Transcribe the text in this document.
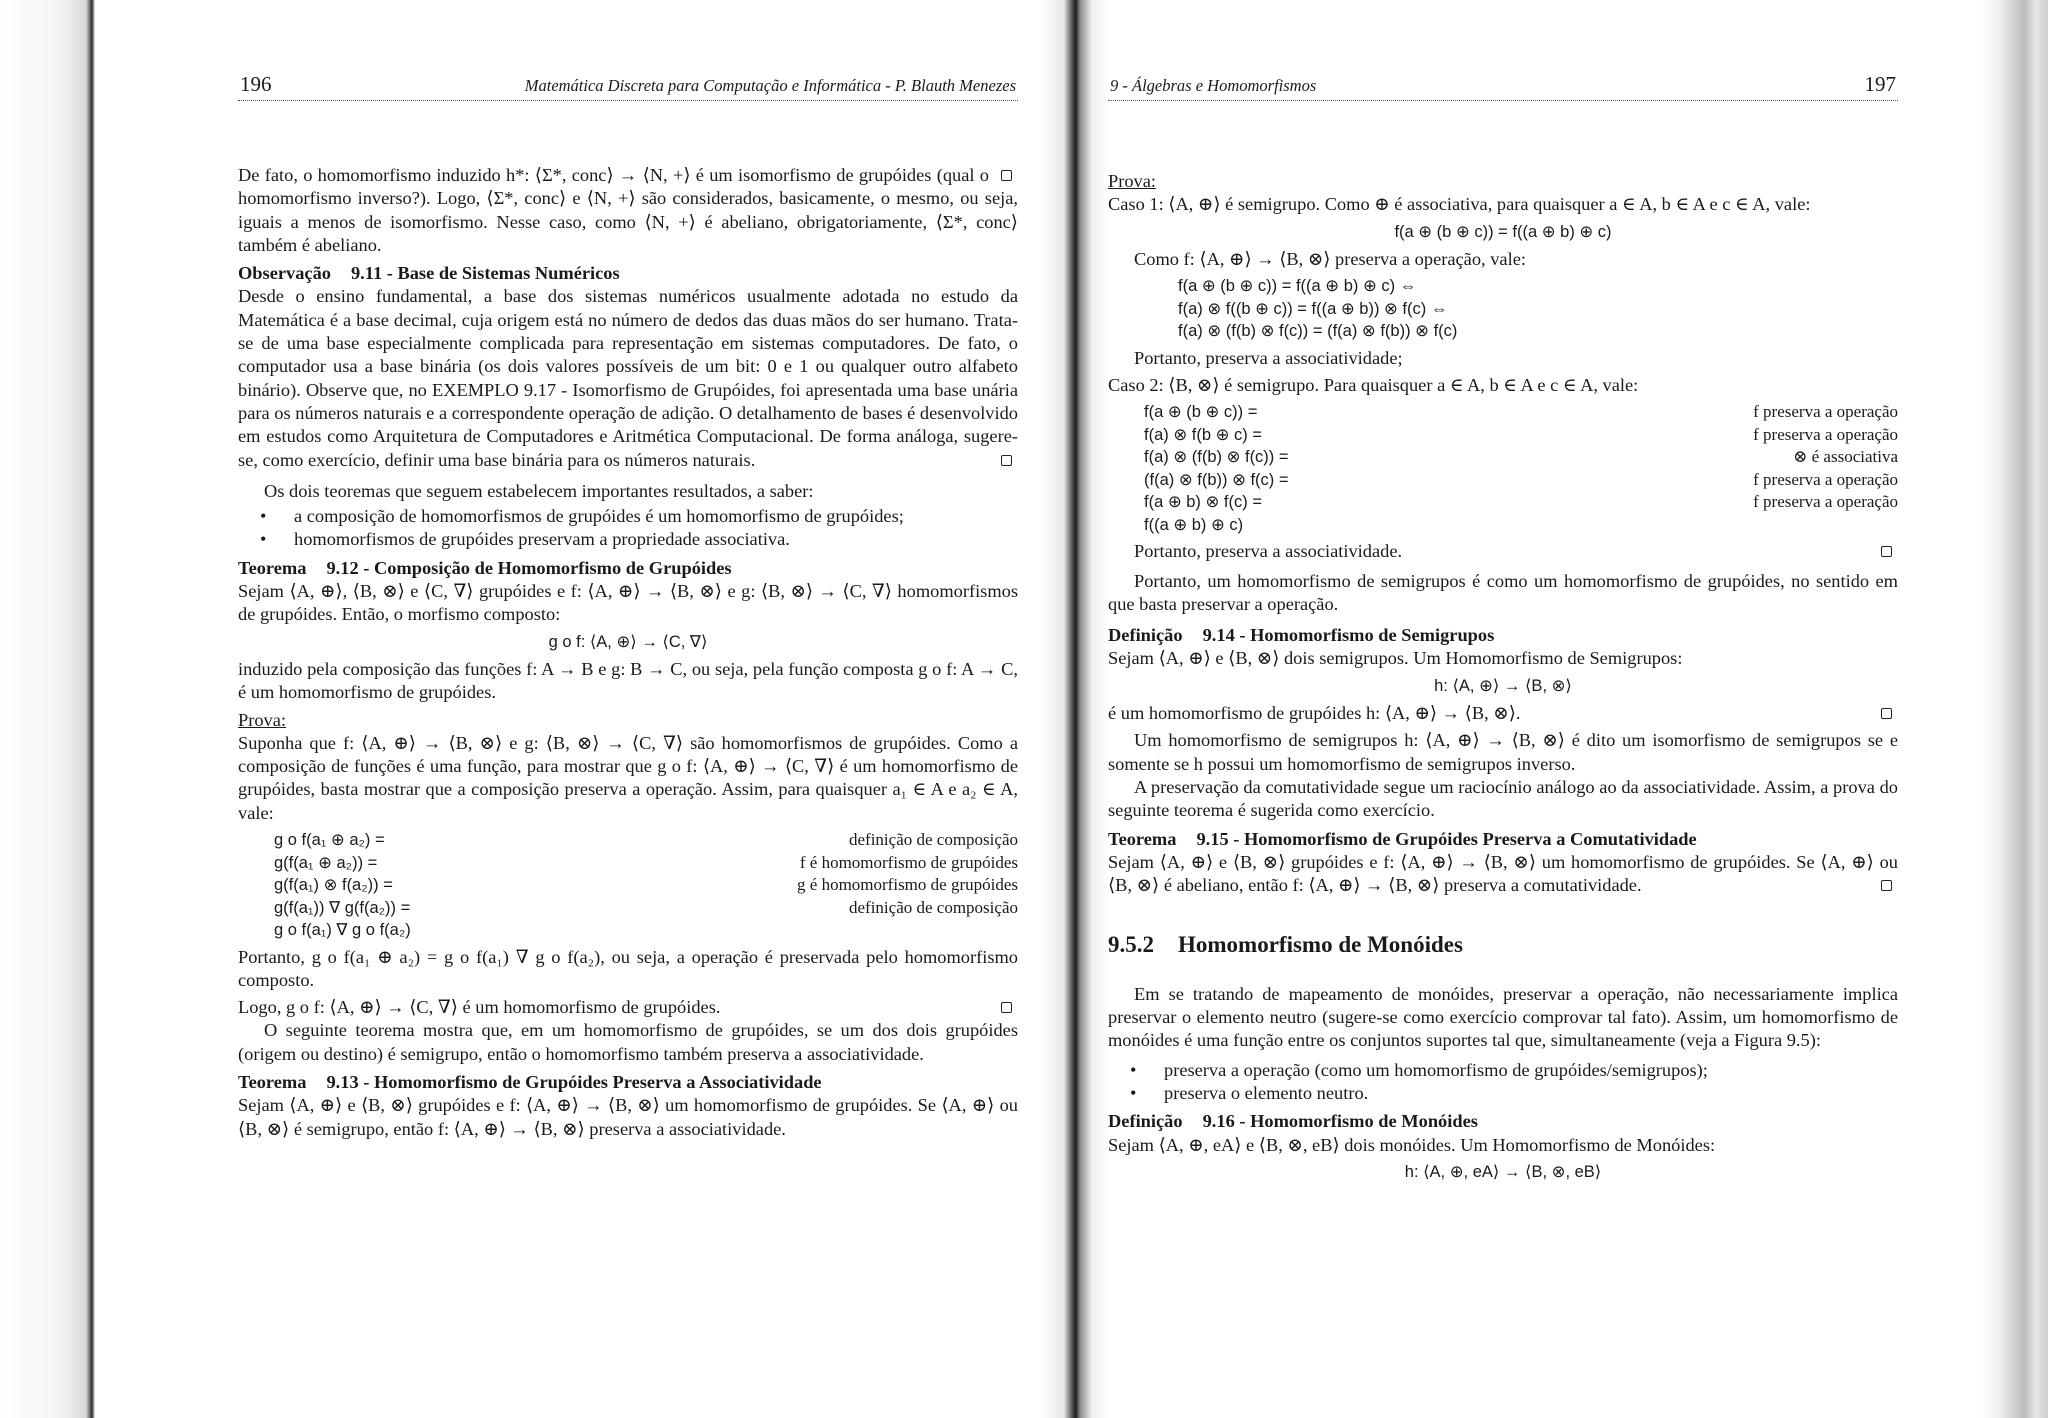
196	Matemática Discreta para Computação e Informática - P. Blauth Menezes

De fato, o homomorfismo induzido h*: ⟨Σ*, conc⟩ → ⟨N, +⟩ é um isomorfismo de grupóides (qual o homomorfismo inverso?). Logo, ⟨Σ*, conc⟩ e ⟨N, +⟩ são considerados, basicamente, o mesmo, ou seja, iguais a menos de isomorfismo. Nesse caso, como ⟨N, +⟩ é abeliano, obrigatoriamente, ⟨Σ*, conc⟩ também é abeliano.

Observação 9.11 - Base de Sistemas Numéricos

Desde o ensino fundamental, a base dos sistemas numéricos usualmente adotada no estudo da Matemática é a base decimal, cuja origem está no número de dedos das duas mãos do ser humano. Trata-se de uma base especialmente complicada para representação em sistemas computadores. De fato, o computador usa a base binária (os dois valores possíveis de um bit: 0 e 1 ou qualquer outro alfabeto binário). Observe que, no EXEMPLO 9.17 - Isomorfismo de Grupóides, foi apresentada uma base unária para os números naturais e a correspondente operação de adição. O detalhamento de bases é desenvolvido em estudos como Arquitetura de Computadores e Aritmética Computacional. De forma análoga, sugere-se, como exercício, definir uma base binária para os números naturais.

Os dois teoremas que seguem estabelecem importantes resultados, a saber:

• a composição de homomorfismos de grupóides é um homomorfismo de grupóides;
• homomorfismos de grupóides preservam a propriedade associativa.
Teorema 9.12 - Composição de Homomorfismo de Grupóides

Sejam ⟨A, ⊕⟩, ⟨B, ⊗⟩ e ⟨C, ∇⟩ grupóides e f: ⟨A, ⊕⟩ → ⟨B, ⊗⟩ e g: ⟨B, ⊗⟩ → ⟨C, ∇⟩ homomorfismos de grupóides. Então, o morfismo composto:

g o f: ⟨A, ⊕⟩ → ⟨C, ∇⟩

induzido pela composição das funções f: A → B e g: B → C, ou seja, pela função composta g o f: A → C, é um homomorfismo de grupóides.

Prova:

Suponha que f: ⟨A, ⊕⟩ → ⟨B, ⊗⟩ e g: ⟨B, ⊗⟩ → ⟨C, ∇⟩ são homomorfismos de grupóides. Como a composição de funções é uma função, para mostrar que g o f: ⟨A, ⊕⟩ → ⟨C, ∇⟩ é um homomorfismo de grupóides, basta mostrar que a composição preserva a operação. Assim, para quaisquer a₁ ∈ A e a₂ ∈ A, vale:

g o f(a₁ ⊕ a₂) =	definição de composição
g(f(a₁ ⊕ a₂)) =	f é homomorfismo de grupóides
g(f(a₁) ⊗ f(a₂)) =	g é homomorfismo de grupóides
g(f(a₁)) ∇ g(f(a₂)) =	definição de composição
g o f(a₁) ∇ g o f(a₂)

Portanto, g o f(a₁ ⊕ a₂) = g o f(a₁) ∇ g o f(a₂), ou seja, a operação é preservada pelo homomorfismo composto.

Logo, g o f: ⟨A, ⊕⟩ → ⟨C, ∇⟩ é um homomorfismo de grupóides.

O seguinte teorema mostra que, em um homomorfismo de grupóides, se um dos dois grupóides (origem ou destino) é semigrupo, então o homomorfismo também preserva a associatividade.

Teorema 9.13 - Homomorfismo de Grupóides Preserva a Associatividade

Sejam ⟨A, ⊕⟩ e ⟨B, ⊗⟩ grupóides e f: ⟨A, ⊕⟩ → ⟨B, ⊗⟩ um homomorfismo de grupóides. Se ⟨A, ⊕⟩ ou ⟨B, ⊗⟩ é semigrupo, então f: ⟨A, ⊕⟩ → ⟨B, ⊗⟩ preserva a associatividade.

9 - Álgebras e Homomorfismos	197
Prova:

Caso 1: ⟨A, ⊕⟩ é semigrupo. Como ⊕ é associativa, para quaisquer a ∈ A, b ∈ A e c ∈ A, vale:

f(a ⊕ (b ⊕ c)) = f((a ⊕ b) ⊕ c)

Como f: ⟨A, ⊕⟩ → ⟨B, ⊗⟩ preserva a operação, vale:

f(a ⊕ (b ⊕ c)) = f((a ⊕ b) ⊕ c) ⇔
f(a) ⊗ f((b ⊕ c)) = f((a ⊕ b)) ⊗ f(c) ⇔
f(a) ⊗ (f(b) ⊗ f(c)) = (f(a) ⊗ f(b)) ⊗ f(c)

Portanto, preserva a associatividade;

Caso 2: ⟨B, ⊗⟩ é semigrupo. Para quaisquer a ∈ A, b ∈ A e c ∈ A, vale:

f(a ⊕ (b ⊕ c)) =	f preserva a operação
f(a) ⊗ f(b ⊕ c) =	f preserva a operação
f(a) ⊗ (f(b) ⊗ f(c)) =	⊗ é associativa
(f(a) ⊗ f(b)) ⊗ f(c) =	f preserva a operação
f(a ⊕ b) ⊗ f(c) =	f preserva a operação
f((a ⊕ b) ⊕ c)

Portanto, preserva a associatividade.

Portanto, um homomorfismo de semigrupos é como um homomorfismo de grupóides, no sentido em que basta preservar a operação.

Definição 9.14 - Homomorfismo de Semigrupos

Sejam ⟨A, ⊕⟩ e ⟨B, ⊗⟩ dois semigrupos. Um Homomorfismo de Semigrupos:

h: ⟨A, ⊕⟩ → ⟨B, ⊗⟩

é um homomorfismo de grupóides h: ⟨A, ⊕⟩ → ⟨B, ⊗⟩.

Um homomorfismo de semigrupos h: ⟨A, ⊕⟩ → ⟨B, ⊗⟩ é dito um isomorfismo de semigrupos se e somente se h possui um homomorfismo de semigrupos inverso.

A preservação da comutatividade segue um raciocínio análogo ao da associatividade. Assim, a prova do seguinte teorema é sugerida como exercício.

Teorema 9.15 - Homomorfismo de Grupóides Preserva a Comutatividade

Sejam ⟨A, ⊕⟩ e ⟨B, ⊗⟩ grupóides e f: ⟨A, ⊕⟩ → ⟨B, ⊗⟩ um homomorfismo de grupóides. Se ⟨A, ⊕⟩ ou ⟨B, ⊗⟩ é abeliano, então f: ⟨A, ⊕⟩ → ⟨B, ⊗⟩ preserva a comutatividade.

9.5.2 Homomorfismo de Monóides

Em se tratando de mapeamento de monóides, preservar a operação, não necessariamente implica preservar o elemento neutro (sugere-se como exercício comprovar tal fato). Assim, um homomorfismo de monóides é uma função entre os conjuntos suportes tal que, simultaneamente (veja a Figura 9.5):

• preserva a operação (como um homomorfismo de grupóides/semigrupos);
• preserva o elemento neutro.
Definição 9.16 - Homomorfismo de Monóides

Sejam ⟨A, ⊕, eA⟩ e ⟨B, ⊗, eB⟩ dois monóides. Um Homomorfismo de Monóides:

h: ⟨A, ⊕, eA⟩ → ⟨B, ⊗, eB⟩
